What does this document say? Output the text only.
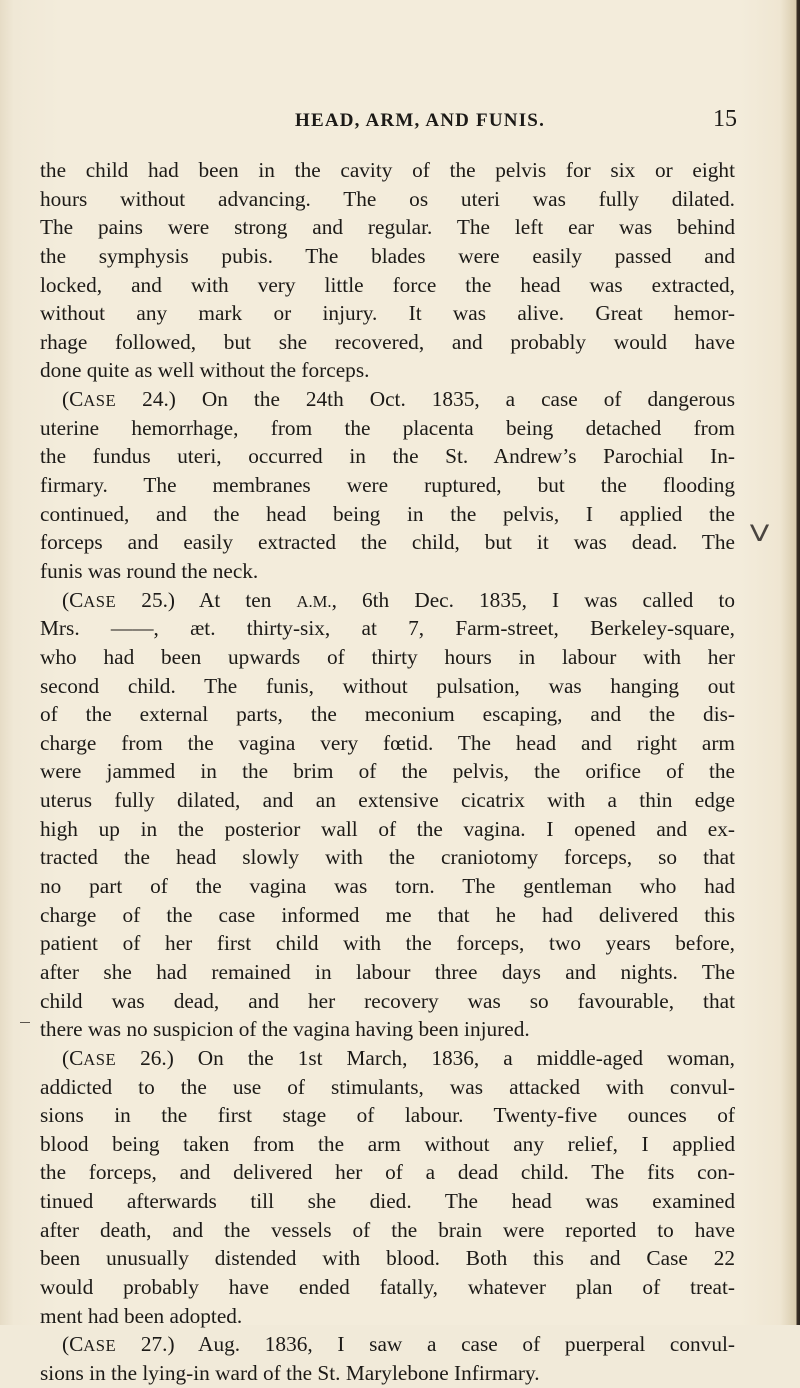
HEAD, ARM, AND FUNIS.	15
the child had been in the cavity of the pelvis for six or eight
hours without advancing. The os uteri was fully dilated.
The pains were strong and regular. The left ear was behind
the symphysis pubis. The blades were easily passed and
locked, and with very little force the head was extracted,
without any mark or injury. It was alive. Great hemor-
rhage followed, but she recovered, and probably would have
done quite as well without the forceps.
(CASE 24.) On the 24th Oct. 1835, a case of dangerous
uterine hemorrhage, from the placenta being detached from
the fundus uteri, occurred in the St. Andrew’s Parochial In-
firmary. The membranes were ruptured, but the flooding
continued, and the head being in the pelvis, I applied the
forceps and easily extracted the child, but it was dead. The
funis was round the neck.
(CASE 25.) At ten A.M., 6th Dec. 1835, I was called to
Mrs. ——, æt. thirty-six, at 7, Farm-street, Berkeley-square,
who had been upwards of thirty hours in labour with her
second child. The funis, without pulsation, was hanging out
of the external parts, the meconium escaping, and the dis-
charge from the vagina very fœtid. The head and right arm
were jammed in the brim of the pelvis, the orifice of the
uterus fully dilated, and an extensive cicatrix with a thin edge
high up in the posterior wall of the vagina. I opened and ex-
tracted the head slowly with the craniotomy forceps, so that
no part of the vagina was torn. The gentleman who had
charge of the case informed me that he had delivered this
patient of her first child with the forceps, two years before,
after she had remained in labour three days and nights. The
child was dead, and her recovery was so favourable, that
there was no suspicion of the vagina having been injured.
(CASE 26.) On the 1st March, 1836, a middle-aged woman,
addicted to the use of stimulants, was attacked with convul-
sions in the first stage of labour. Twenty-five ounces of
blood being taken from the arm without any relief, I applied
the forceps, and delivered her of a dead child. The fits con-
tinued afterwards till she died. The head was examined
after death, and the vessels of the brain were reported to have
been unusually distended with blood. Both this and Case 22
would probably have ended fatally, whatever plan of treat-
ment had been adopted.
(CASE 27.) Aug. 1836, I saw a case of puerperal convul-
sions in the lying-in ward of the St. Marylebone Infirmary.
V
